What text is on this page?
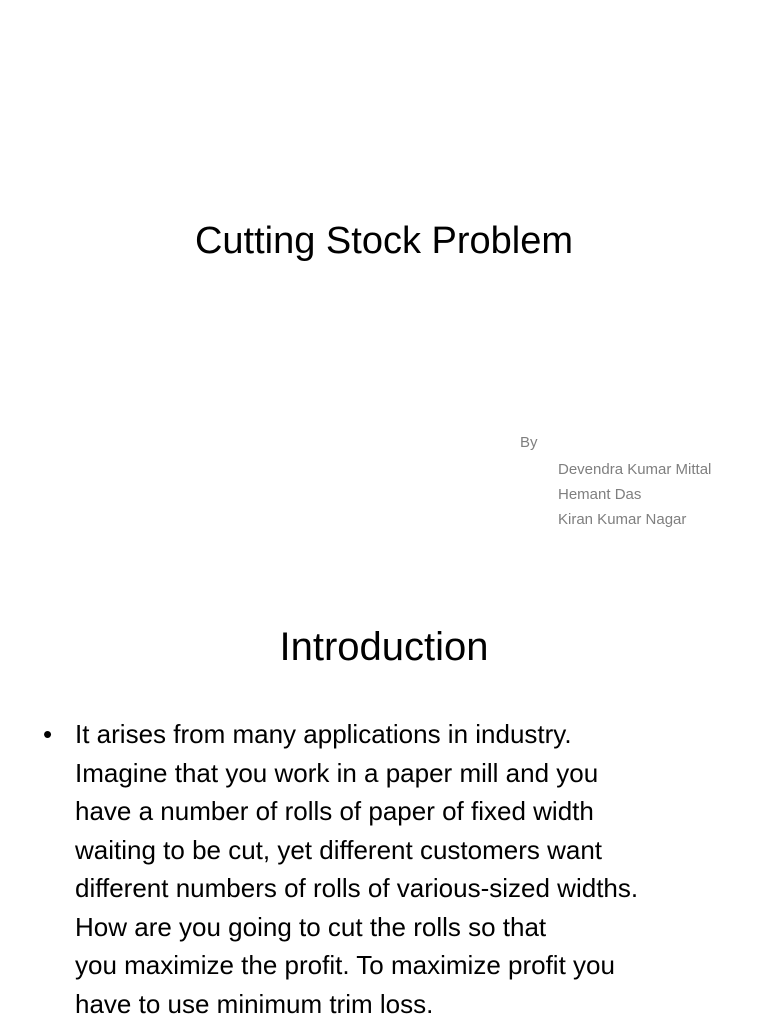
Cutting Stock Problem
By
Devendra Kumar Mittal
Hemant Das
Kiran Kumar Nagar
Introduction
• It arises from many applications in industry.
Imagine that you work in a paper mill and you
have a number of rolls of paper of fixed width
waiting to be cut, yet different customers want
different numbers of rolls of various-sized widths.
How are you going to cut the rolls so that
you maximize the profit. To maximize profit you
have to use minimum trim loss.
